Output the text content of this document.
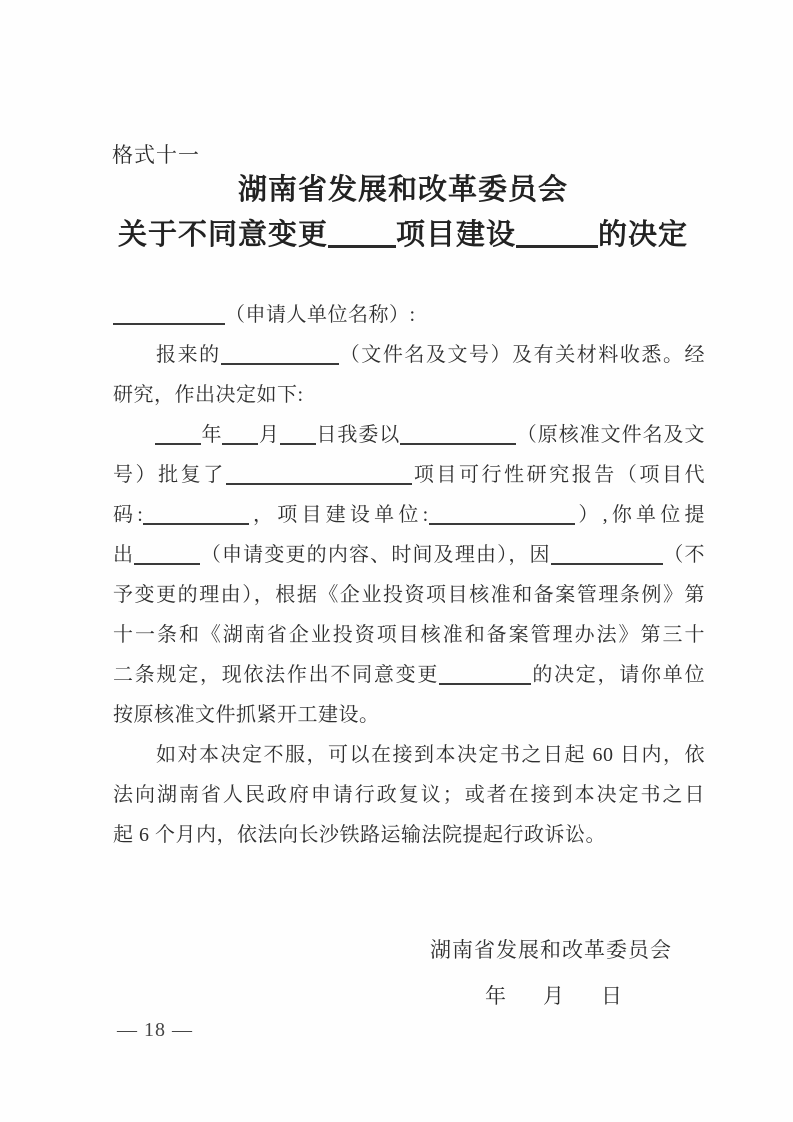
格式十一
湖南省发展和改革委员会
关于不同意变更 项目建设	的决定
（申请人单位名称）:
报来的	（文件名及文号）及有关材料收悉。经
研究，作出决定如下:
年 月 日我委以	（原核准文件名及文
号）批复了	项目可行性研究报告（项目代
码:	，项目建设单位:	）,你单位提
出	（申请变更的内容、时间及理由），因	（不
予变更的理由），根据《企业投资项目核准和备案管理条例》第
十一条和《湖南省企业投资项目核准和备案管理办法》第三十
二条规定，现依法作出不同意变更	的决定，请你单位
按原核准文件抓紧开工建设。
如对本决定不服，可以在接到本决定书之日起 60 日内，依
法向湖南省人民政府申请行政复议；或者在接到本决定书之日
起 6 个月内，依法向长沙铁路运输法院提起行政诉讼。
湖南省发展和改革委员会
年　月　日
— 18 —
